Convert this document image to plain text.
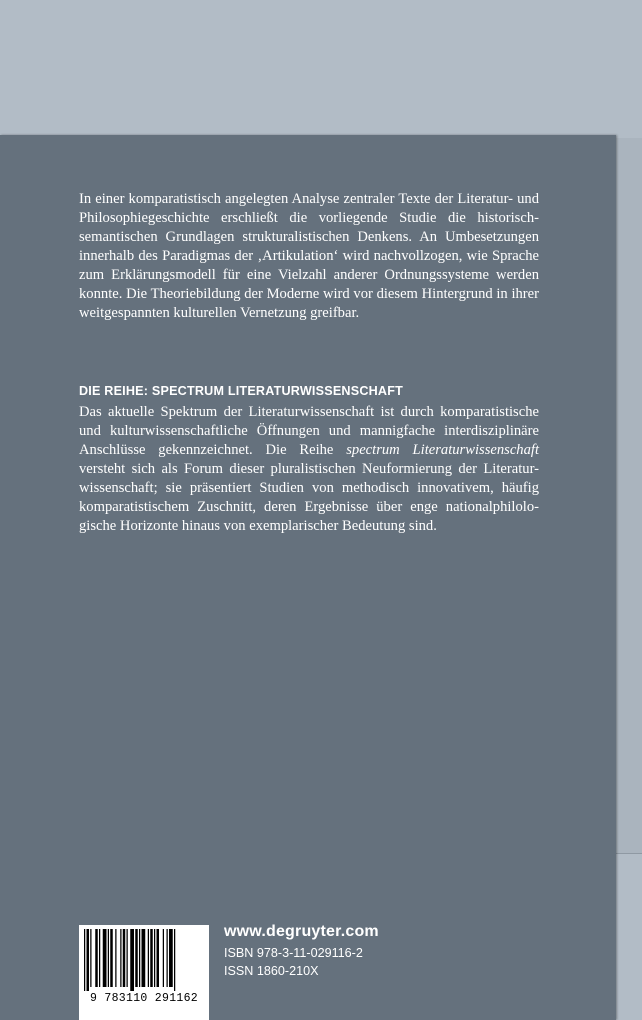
In einer komparatistisch angelegten Analyse zentraler Texte der Literatur- und Philosophiegeschichte erschließt die vorliegende Studie die historisch- semantischen Grundlagen strukturalistischen Denkens. An Umbesetzungen innerhalb des Paradigmas der ‚Artikulation‘ wird nachvollzogen, wie Sprache zum Erklärungsmodell für eine Vielzahl anderer Ordnungssysteme werden konnte. Die Theoriebildung der Moderne wird vor diesem Hintergrund in ihrer weitgespannten kulturellen Vernetzung greifbar.

DIE REIHE: SPECTRUM LITERATURWISSENSCHAFT

Das aktuelle Spektrum der Literaturwissenschaft ist durch komparatistische und kulturwissenschaftliche Öffnungen und mannigfache interdisziplinäre Anschlüsse gekennzeichnet. Die Reihe spectrum Literaturwissenschaft versteht sich als Forum dieser pluralistischen Neuformierung der Literatur- wissenschaft; sie präsentiert Studien von methodisch innovativem, häufig komparatistischem Zuschnitt, deren Ergebnisse über enge nationalphilolo- gische Horizonte hinaus von exemplarischer Bedeutung sind.

9 783110 291162
www.degruyter.com
ISBN 978-3-11-029116-2
ISSN 1860-210X
